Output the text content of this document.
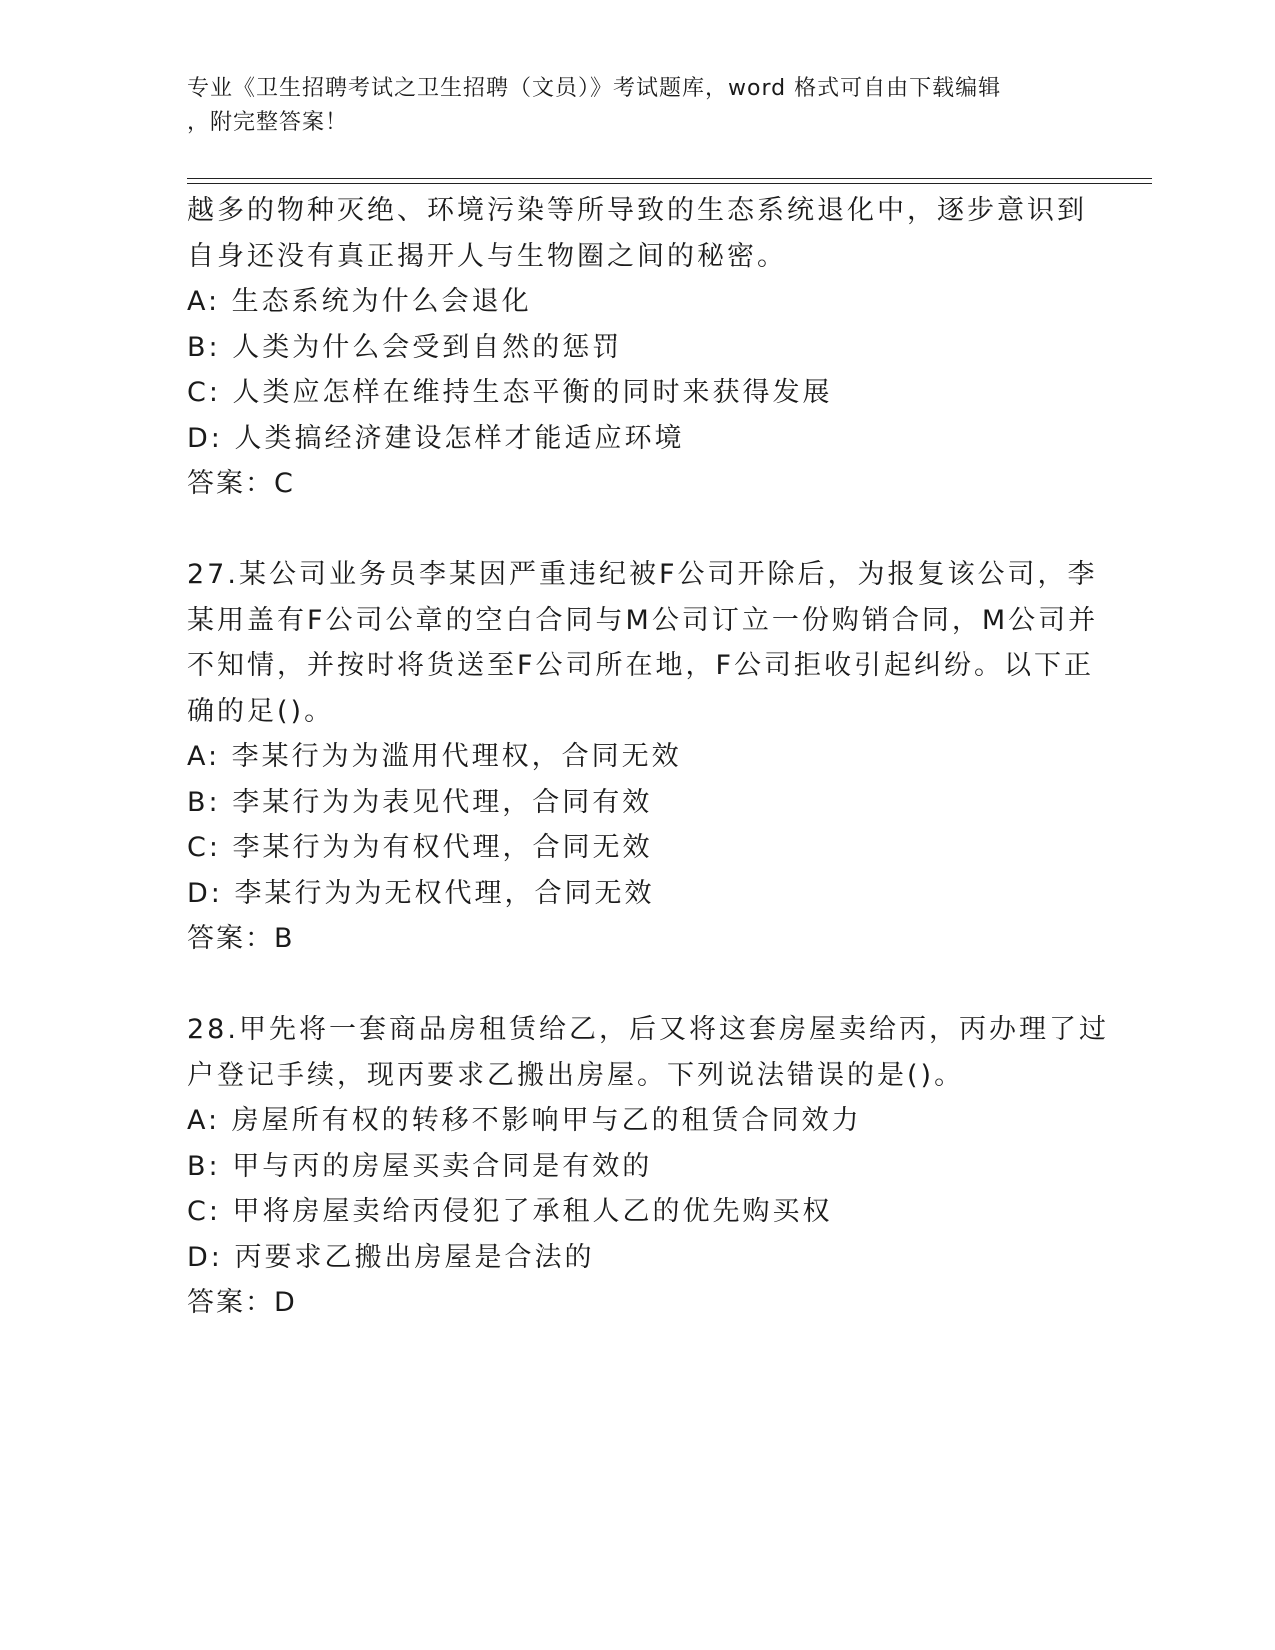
专业《卫生招聘考试之卫生招聘（文员）》考试题库，word 格式可自由下载编辑
，附完整答案！
越多的物种灭绝、环境污染等所导致的生态系统退化中，逐步意识到
自身还没有真正揭开人与生物圈之间的秘密。
A: 生态系统为什么会退化
B: 人类为什么会受到自然的惩罚
C: 人类应怎样在维持生态平衡的同时来获得发展
D: 人类搞经济建设怎样才能适应环境
答案：C
27.某公司业务员李某因严重违纪被F公司开除后，为报复该公司，李
某用盖有F公司公章的空白合同与M公司订立一份购销合同，M公司并
不知情，并按时将货送至F公司所在地，F公司拒收引起纠纷。以下正
确的足()。
A: 李某行为为滥用代理权，合同无效
B: 李某行为为表见代理，合同有效
C: 李某行为为有权代理，合同无效
D: 李某行为为无权代理，合同无效
答案：B
28.甲先将一套商品房租赁给乙，后又将这套房屋卖给丙，丙办理了过
户登记手续，现丙要求乙搬出房屋。下列说法错误的是()。
A: 房屋所有权的转移不影响甲与乙的租赁合同效力
B: 甲与丙的房屋买卖合同是有效的
C: 甲将房屋卖给丙侵犯了承租人乙的优先购买权
D: 丙要求乙搬出房屋是合法的
答案：D
